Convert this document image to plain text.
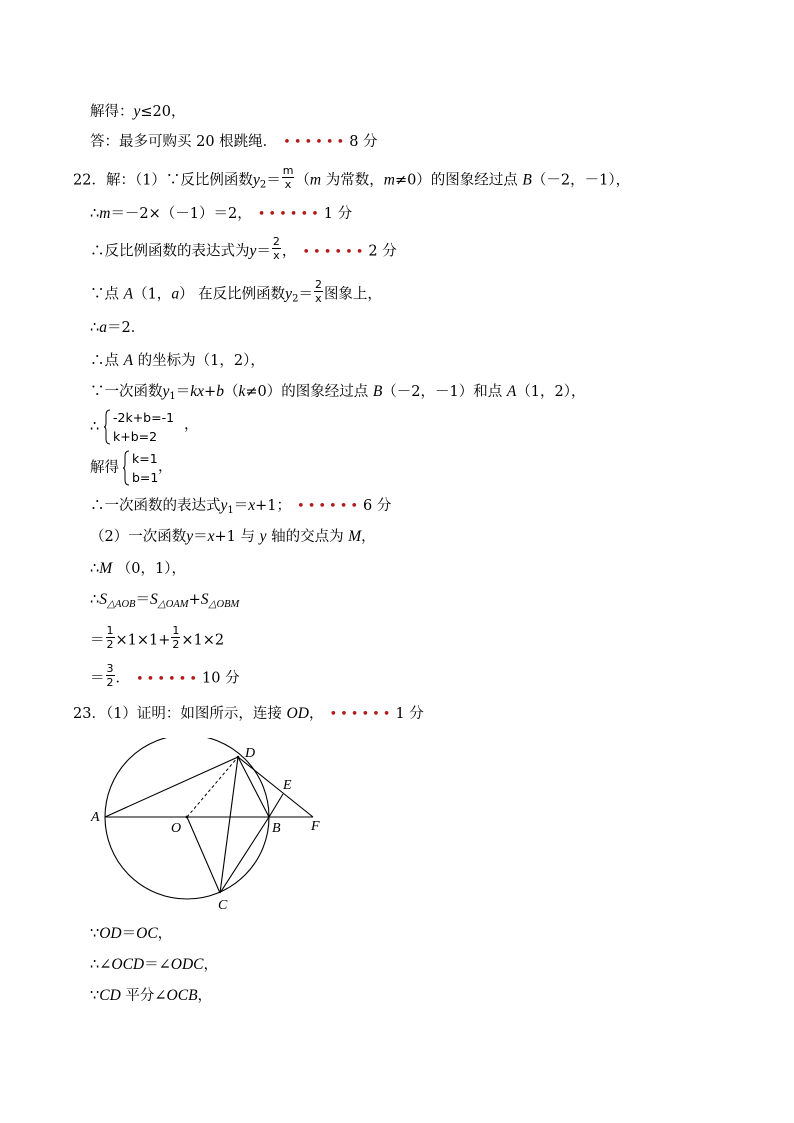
解得：y≤20，
答：最多可购买 20 根跳绳． •••••• 8 分
22．解：（1）∵反比例函数$y_2= \frac{m}{x} (m$ 为常数，m≠0）的图象经过点 B（－2，－1），
∴m＝－2×（－1）＝2， •••••• 1 分
∴反比例函数的表达式为$y= \frac{2}{x}$ ， •••••• 2 分
∵点 A（1，a） 在反比例函数$y_2= \frac{2}{x}$ 图象上，
∴a＝2．
∴点 A 的坐标为（1，2），
∵一次函数$y_1=kx+b(k\ne 0)$的图象经过点 B（－2，－1）和点 A（1，2），
∴
-2k+b=-1
k+b=2
，
解得
k=1
b=1
，
∴一次函数的表达式$y_1=x+1$； •••••• 6 分
（2）一次函数y＝x+1 与 y 轴的交点为 M，
∴M （0，1），
$\therefore S_{\triangle AOB}=S_{\triangle OAM}+S_{\triangle OBM}$
＝ $\frac{1}{2} \times 1\times 1+ \frac{1}{2} \times 1\times 2$
＝ $\frac{3}{2}$ ． •••••• 10 分
23．（1）证明：如图所示，连接 OD， •••••• 1 分
A
O	B F
D
E
C
∵OD＝OC，
∴∠OCD＝∠ODC，
∵CD 平分∠OCB，
